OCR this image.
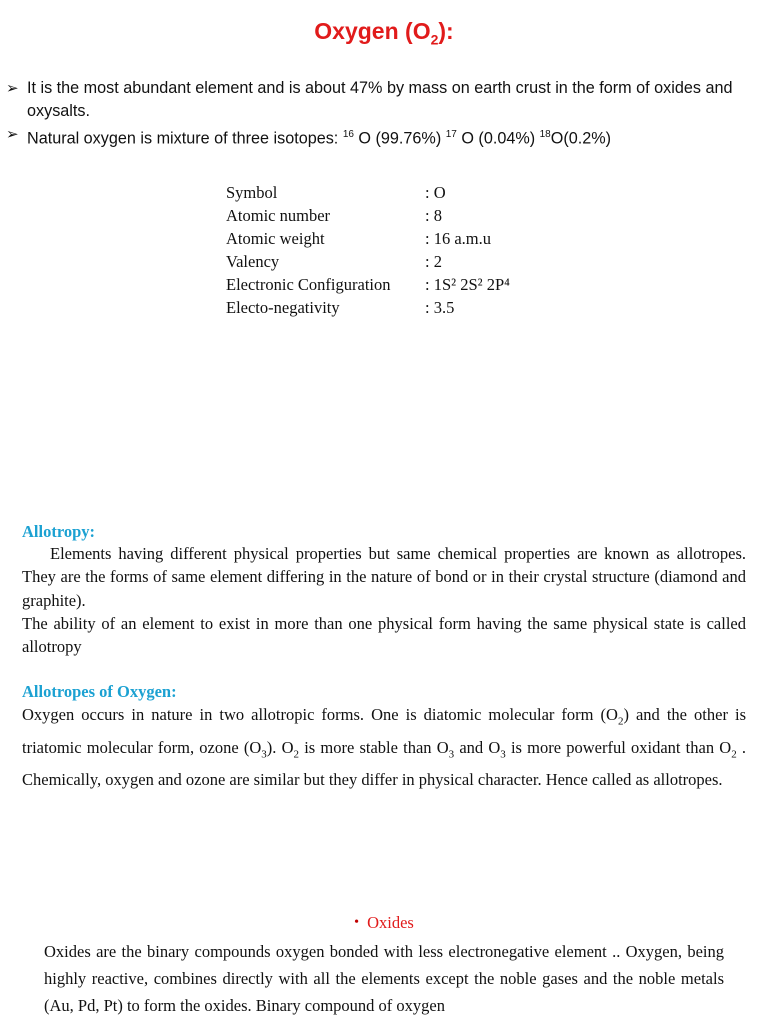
Oxygen $(O_2)$:
➢ It is the most abundant element and is about 47% by mass on earth crust in the form of oxides and oxysalts.
➢ Natural oxygen is mixture of three isotopes: $^{16}$ O (99.76%) $^{17}$ O (0.04%) $^{18}$O(0.2%)
Symbol	: O
Atomic number	: 8
Atomic weight	: 16 a.m.u
Valency	: 2
Electronic Configuration	: 1S² 2S² 2P⁴
Electo-negativity	: 3.5
Allotropy:
Elements having different physical properties but same chemical properties are known as allotropes. They are the forms of same element differing in the nature of bond or in their crystal structure (diamond and graphite).
The ability of an element to exist in more than one physical form having the same physical state is called allotropy
Allotropes of Oxygen:
Oxygen occurs in nature in two allotropic forms. One is diatomic molecular form $(O_2)$ and the other is triatomic molecular form, ozone $(O_3)$. $O_2$ is more stable than $O_3$ and $O_3$ is more powerful oxidant than $O_2$ . Chemically, oxygen and ozone are similar but they differ in physical character. Hence called as allotropes.
• Oxides
Oxides are the binary compounds oxygen bonded with less electronegative element .. Oxygen, being highly reactive, combines directly with all the elements except the noble gases and the noble metals (Au, Pd, Pt) to form the oxides. Binary compound of oxygen
